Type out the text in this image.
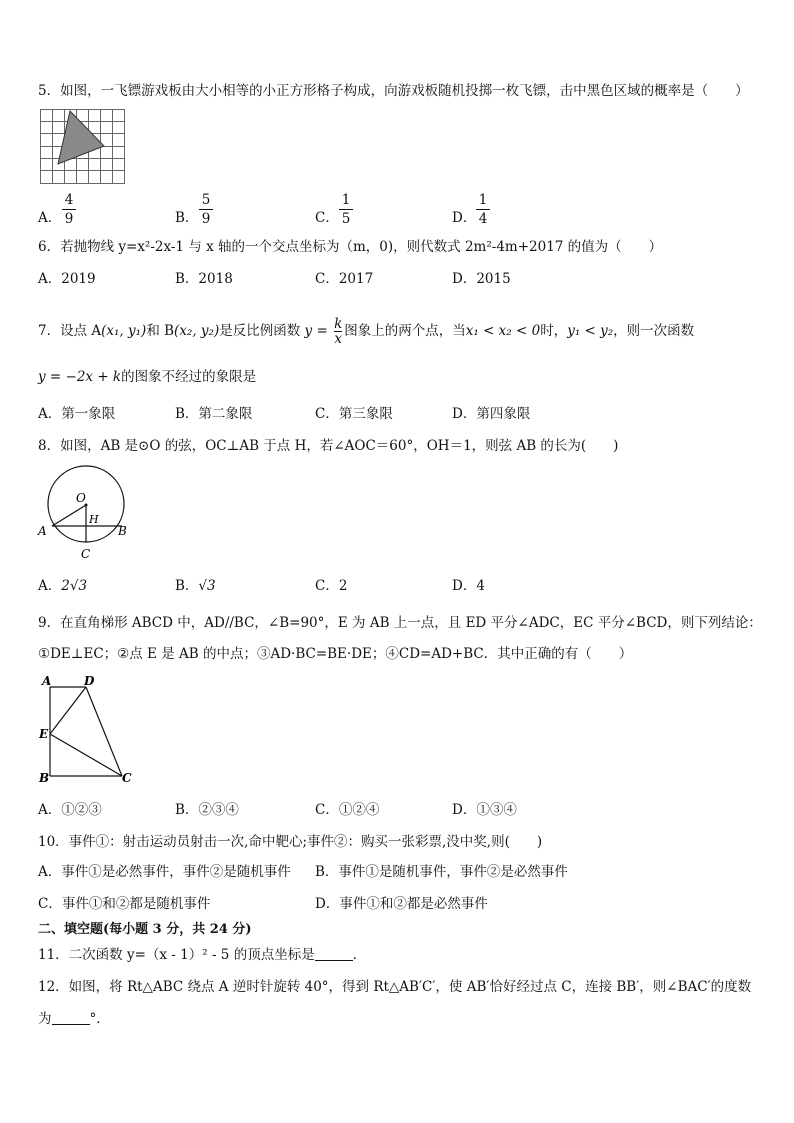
5．如图，一飞镖游戏板由大小相等的小正方形格子构成，向游戏板随机投掷一枚飞镖，击中黑色区域的概率是（　　）
A．
4
9	B．
5
9	C．
1
5	D．
1
4
6．若抛物线 y=x²-2x-1 与 x 轴的一个交点坐标为（m，0)，则代数式 2m²-4m+2017 的值为（　　）
A．2019	B．2018	C．2017	D．2015
7．设点 A(x₁, y₁)和 B(x₂, y₂)是反比例函数 $y = \frac{k}{x}$ 图象上的两个点，当x₁ < x₂ < 0时，y₁ < y₂，则一次函数
y = −2x + k的图象不经过的象限是
A．第一象限	B．第二象限	C．第三象限	D．第四象限
8．如图，AB 是⊙O 的弦，OC⊥AB 于点 H，若∠AOC＝60°，OH＝1，则弦 AB 的长为(　　)
O
H
A	B
C
A．2√3	B．√3	C．2	D．4
9．在直角梯形 ABCD 中，AD//BC，∠B=90°，E 为 AB 上一点，且 ED 平分∠ADC，EC 平分∠BCD，则下列结论：
①DE⊥EC；②点 E 是 AB 的中点；③AD·BC=BE·DE；④CD=AD+BC．其中正确的有（　　）
A	D
E
B	C
A．①②③	B．②③④	C．①②④	D．①③④
10．事件①：射击运动员射击一次,命中靶心;事件②：购买一张彩票,没中奖,则(　　)
A．事件①是必然事件，事件②是随机事件 B．事件①是随机事件，事件②是必然事件
C．事件①和②都是随机事件	D．事件①和②都是必然事件
二、填空题(每小题 3 分，共 24 分)
11．二次函数 y=（x - 1）² - 5 的顶点坐标是	．
12．如图，将 Rt△ABC 绕点 A 逆时针旋转 40°，得到 Rt△AB′C′，使 AB′恰好经过点 C，连接 BB′，则∠BAC′的度数
为	°．
